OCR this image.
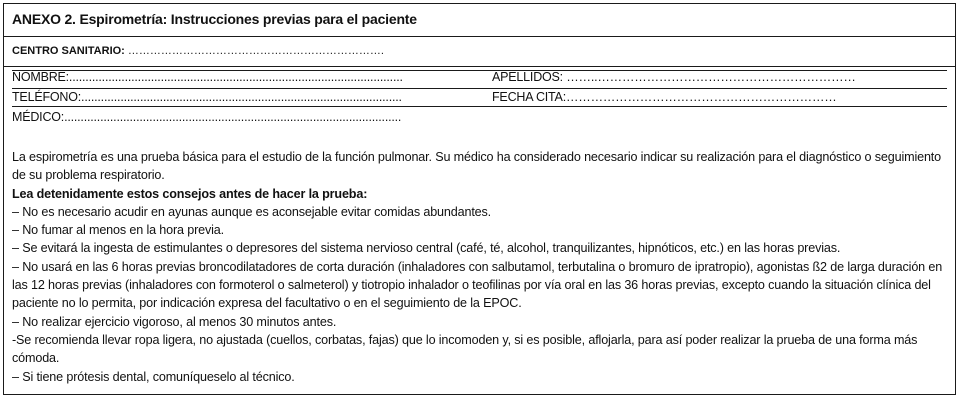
ANEXO 2. Espirometría: Instrucciones previas para el paciente
CENTRO SANITARIO: …………………………………………………………….
NOMBRE:......................................................................................................	APELLIDOS: ……..………………………………………………………
TELÉFONO:..................................................................................................	FECHA CITA:…………………………………………………………
MÉDICO:.......................................................................................................

La espirometría es una prueba básica para el estudio de la función pulmonar. Su médico ha considerado necesario indicar su realización para el diagnóstico o seguimiento de su problema respiratorio.

Lea detenidamente estos consejos antes de hacer la prueba:

– No es necesario acudir en ayunas aunque es aconsejable evitar comidas abundantes.

– No fumar al menos en la hora previa.

– Se evitará la ingesta de estimulantes o depresores del sistema nervioso central (café, té, alcohol, tranquilizantes, hipnóticos, etc.) en las horas previas.

– No usará en las 6 horas previas broncodilatadores de corta duración (inhaladores con salbutamol, terbutalina o bromuro de ipratropio), agonistas ß2 de larga duración en las 12 horas previas (inhaladores con formoterol o salmeterol) y tiotropio inhalador o teofilinas por vía oral en las 36 horas previas, excepto cuando la situación clínica del paciente no lo permita, por indicación expresa del facultativo o en el seguimiento de la EPOC.

– No realizar ejercicio vigoroso, al menos 30 minutos antes.

-Se recomienda llevar ropa ligera, no ajustada (cuellos, corbatas, fajas) que lo incomoden y, si es posible, aflojarla, para así poder realizar la prueba de una forma más cómoda.

– Si tiene prótesis dental, comuníqueselo al técnico.
